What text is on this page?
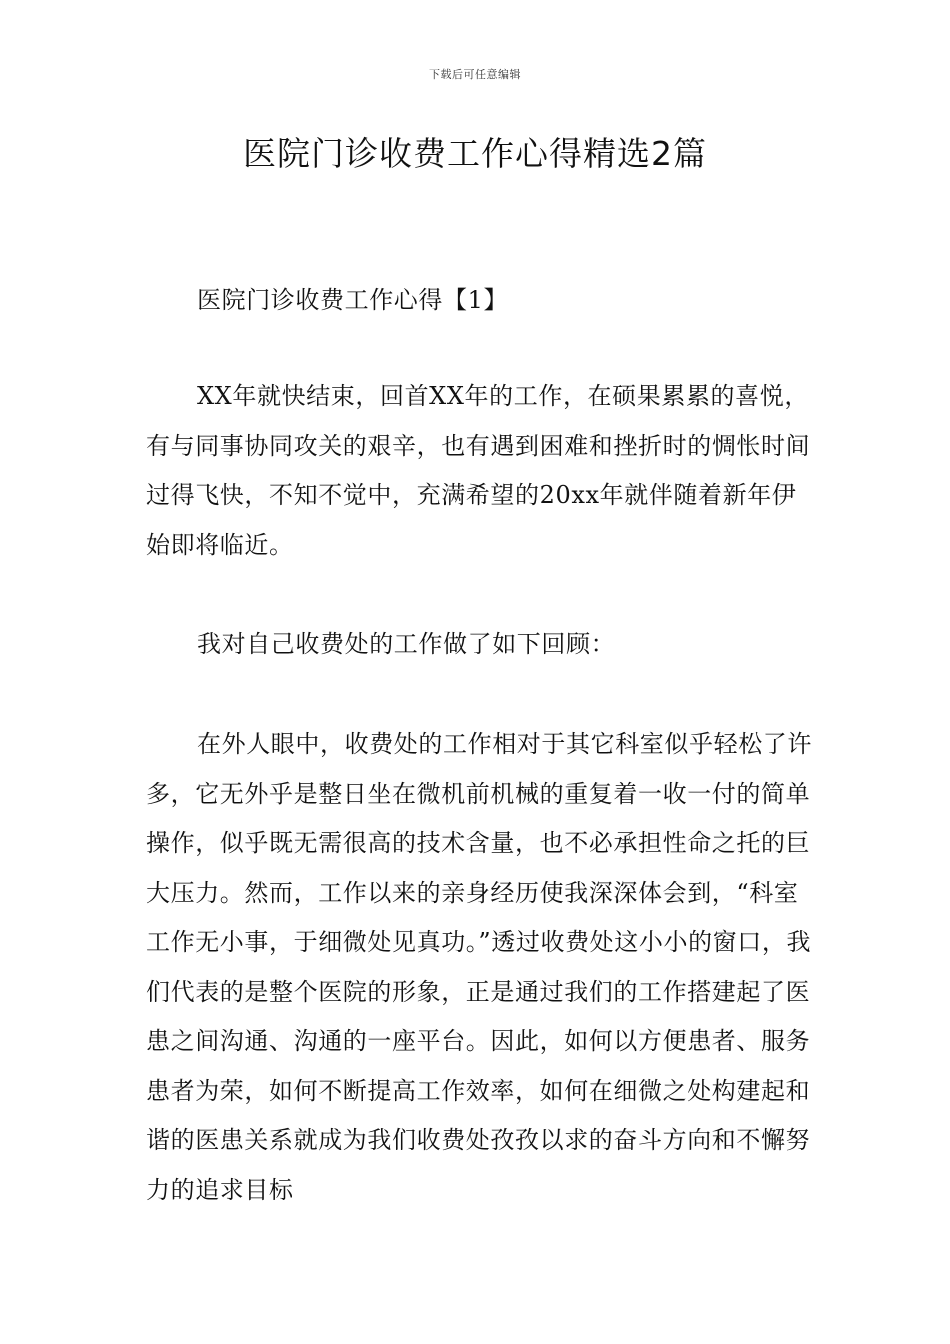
下载后可任意编辑
医院门诊收费工作心得精选2篇

医院门诊收费工作心得【1】

XX年就快结束，回首XX年的工作，在硕果累累的喜悦，有与同事协同攻关的艰辛，也有遇到困难和挫折时的惆怅时间过得飞快，不知不觉中，充满希望的20xx年就伴随着新年伊始即将临近。

我对自己收费处的工作做了如下回顾：

在外人眼中，收费处的工作相对于其它科室似乎轻松了许多，它无外乎是整日坐在微机前机械的重复着一收一付的简单操作，似乎既无需很高的技术含量，也不必承担性命之托的巨大压力。然而，工作以来的亲身经历使我深深体会到，“科室工作无小事，于细微处见真功。”透过收费处这小小的窗口，我们代表的是整个医院的形象，正是通过我们的工作搭建起了医患之间沟通、沟通的一座平台。因此，如何以方便患者、服务患者为荣，如何不断提高工作效率，如何在细微之处构建起和谐的医患关系就成为我们收费处孜孜以求的奋斗方向和不懈努力的追求目标
